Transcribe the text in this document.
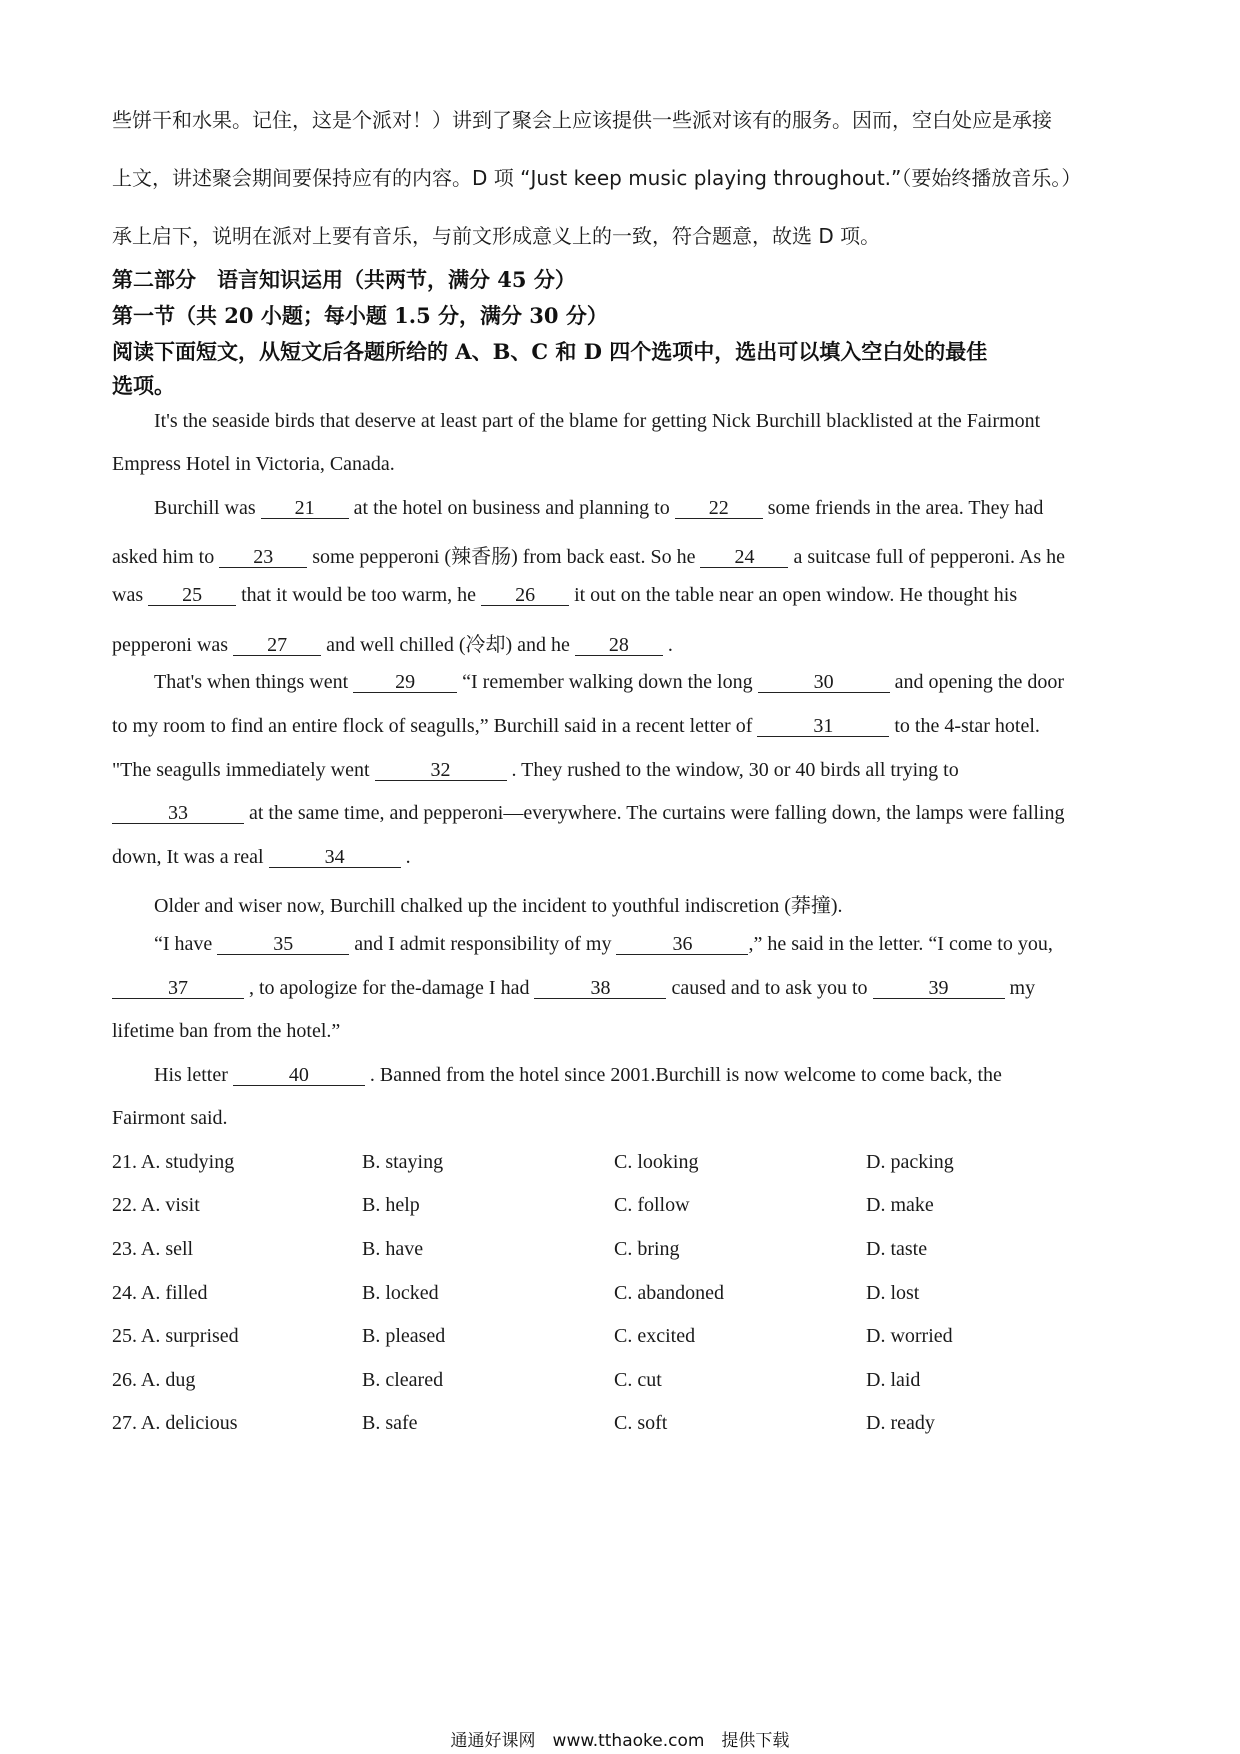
些饼干和水果。记住，这是个派对！）讲到了聚会上应该提供一些派对该有的服务。因而，空白处应是承接
上文，讲述聚会期间要保持应有的内容。D 项 “Just keep music playing throughout.”（要始终播放音乐。）
承上启下，说明在派对上要有音乐，与前文形成意义上的一致，符合题意，故选 D 项。
第二部分　语言知识运用（共两节，满分 45 分）
第一节（共 20 小题；每小题 1.5 分，满分 30 分）
阅读下面短文，从短文后各题所给的 A、B、C 和 D 四个选项中，选出可以填入空白处的最佳
选项。
It's the seaside birds that deserve at least part of the blame for getting Nick Burchill blacklisted at the Fairmont
Empress Hotel in Victoria, Canada.
Burchill was 21 at the hotel on business and planning to 22 some friends in the area. They had
asked him to 23 some pepperoni (辣香肠) from back east. So he 24 a suitcase full of pepperoni. As he
was 25 that it would be too warm, he 26 it out on the table near an open window. He thought his
pepperoni was 27 and well chilled (冷却) and he 28 .
That's when things went 29 “I remember walking down the long	30	and opening the door
to my room to find an entire flock of seagulls,” Burchill said in a recent letter of	31	to the 4-star hotel.
"The seagulls immediately went	32	. They rushed to the window, 30 or 40 birds all trying to
33	at the same time, and pepperoni—everywhere. The curtains were falling down, the lamps were falling
down, It was a real	34	.
Older and wiser now, Burchill chalked up the incident to youthful indiscretion (莽撞).
“I have	35	and I admit responsibility of my	36	,” he said in the letter. “I come to you,
37	, to apologize for the-damage I had	38	caused and to ask you to	39	my
lifetime ban from the hotel.”
His letter	40	. Banned from the hotel since 2001.Burchill is now welcome to come back, the
Fairmont said.
21. A. studying	B. staying	C. looking	D. packing
22. A. visit	B. help	C. follow	D. make
23. A. sell	B. have	C. bring	D. taste
24. A. filled	B. locked	C. abandoned	D. lost
25. A. surprised	B. pleased	C. excited	D. worried
26. A. dug	B. cleared	C. cut	D. laid
27. A. delicious	B. safe	C. soft	D. ready
通通好课网　www.tthaoke.com　提供下载
